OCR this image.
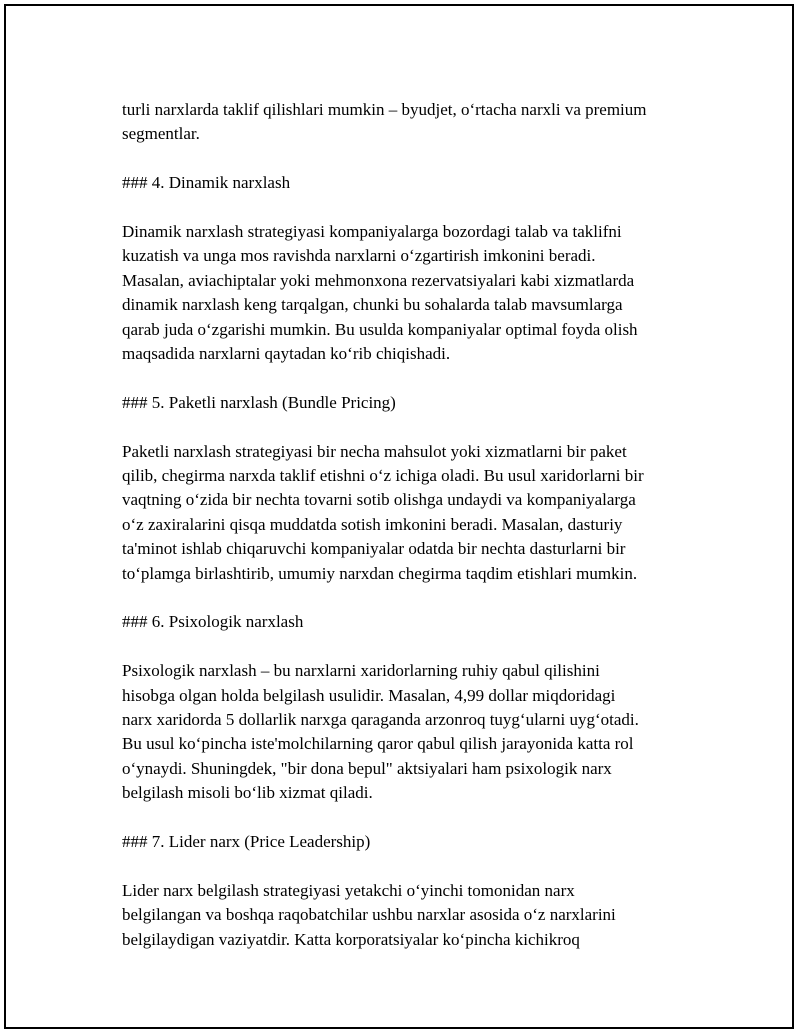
turli narxlarda taklif qilishlari mumkin – byudjet, o‘rtacha narxli va premium
segmentlar.

### 4. Dinamik narxlash

Dinamik narxlash strategiyasi kompaniyalarga bozordagi talab va taklifni
kuzatish va unga mos ravishda narxlarni o‘zgartirish imkonini beradi.
Masalan, aviachiptalar yoki mehmonxona rezervatsiyalari kabi xizmatlarda
dinamik narxlash keng tarqalgan, chunki bu sohalarda talab mavsumlarga
qarab juda o‘zgarishi mumkin. Bu usulda kompaniyalar optimal foyda olish
maqsadida narxlarni qaytadan ko‘rib chiqishadi.

### 5. Paketli narxlash (Bundle Pricing)

Paketli narxlash strategiyasi bir necha mahsulot yoki xizmatlarni bir paket
qilib, chegirma narxda taklif etishni o‘z ichiga oladi. Bu usul xaridorlarni bir
vaqtning o‘zida bir nechta tovarni sotib olishga undaydi va kompaniyalarga
o‘z zaxiralarini qisqa muddatda sotish imkonini beradi. Masalan, dasturiy
ta'minot ishlab chiqaruvchi kompaniyalar odatda bir nechta dasturlarni bir
to‘plamga birlashtirib, umumiy narxdan chegirma taqdim etishlari mumkin.

### 6. Psixologik narxlash

Psixologik narxlash – bu narxlarni xaridorlarning ruhiy qabul qilishini
hisobga olgan holda belgilash usulidir. Masalan, 4,99 dollar miqdoridagi
narx xaridorda 5 dollarlik narxga qaraganda arzonroq tuyg‘ularni uyg‘otadi.
Bu usul ko‘pincha iste'molchilarning qaror qabul qilish jarayonida katta rol
o‘ynaydi. Shuningdek, "bir dona bepul" aktsiyalari ham psixologik narx
belgilash misoli bo‘lib xizmat qiladi.

### 7. Lider narx (Price Leadership)

Lider narx belgilash strategiyasi yetakchi o‘yinchi tomonidan narx
belgilangan va boshqa raqobatchilar ushbu narxlar asosida o‘z narxlarini
belgilaydigan vaziyatdir. Katta korporatsiyalar ko‘pincha kichikroq
